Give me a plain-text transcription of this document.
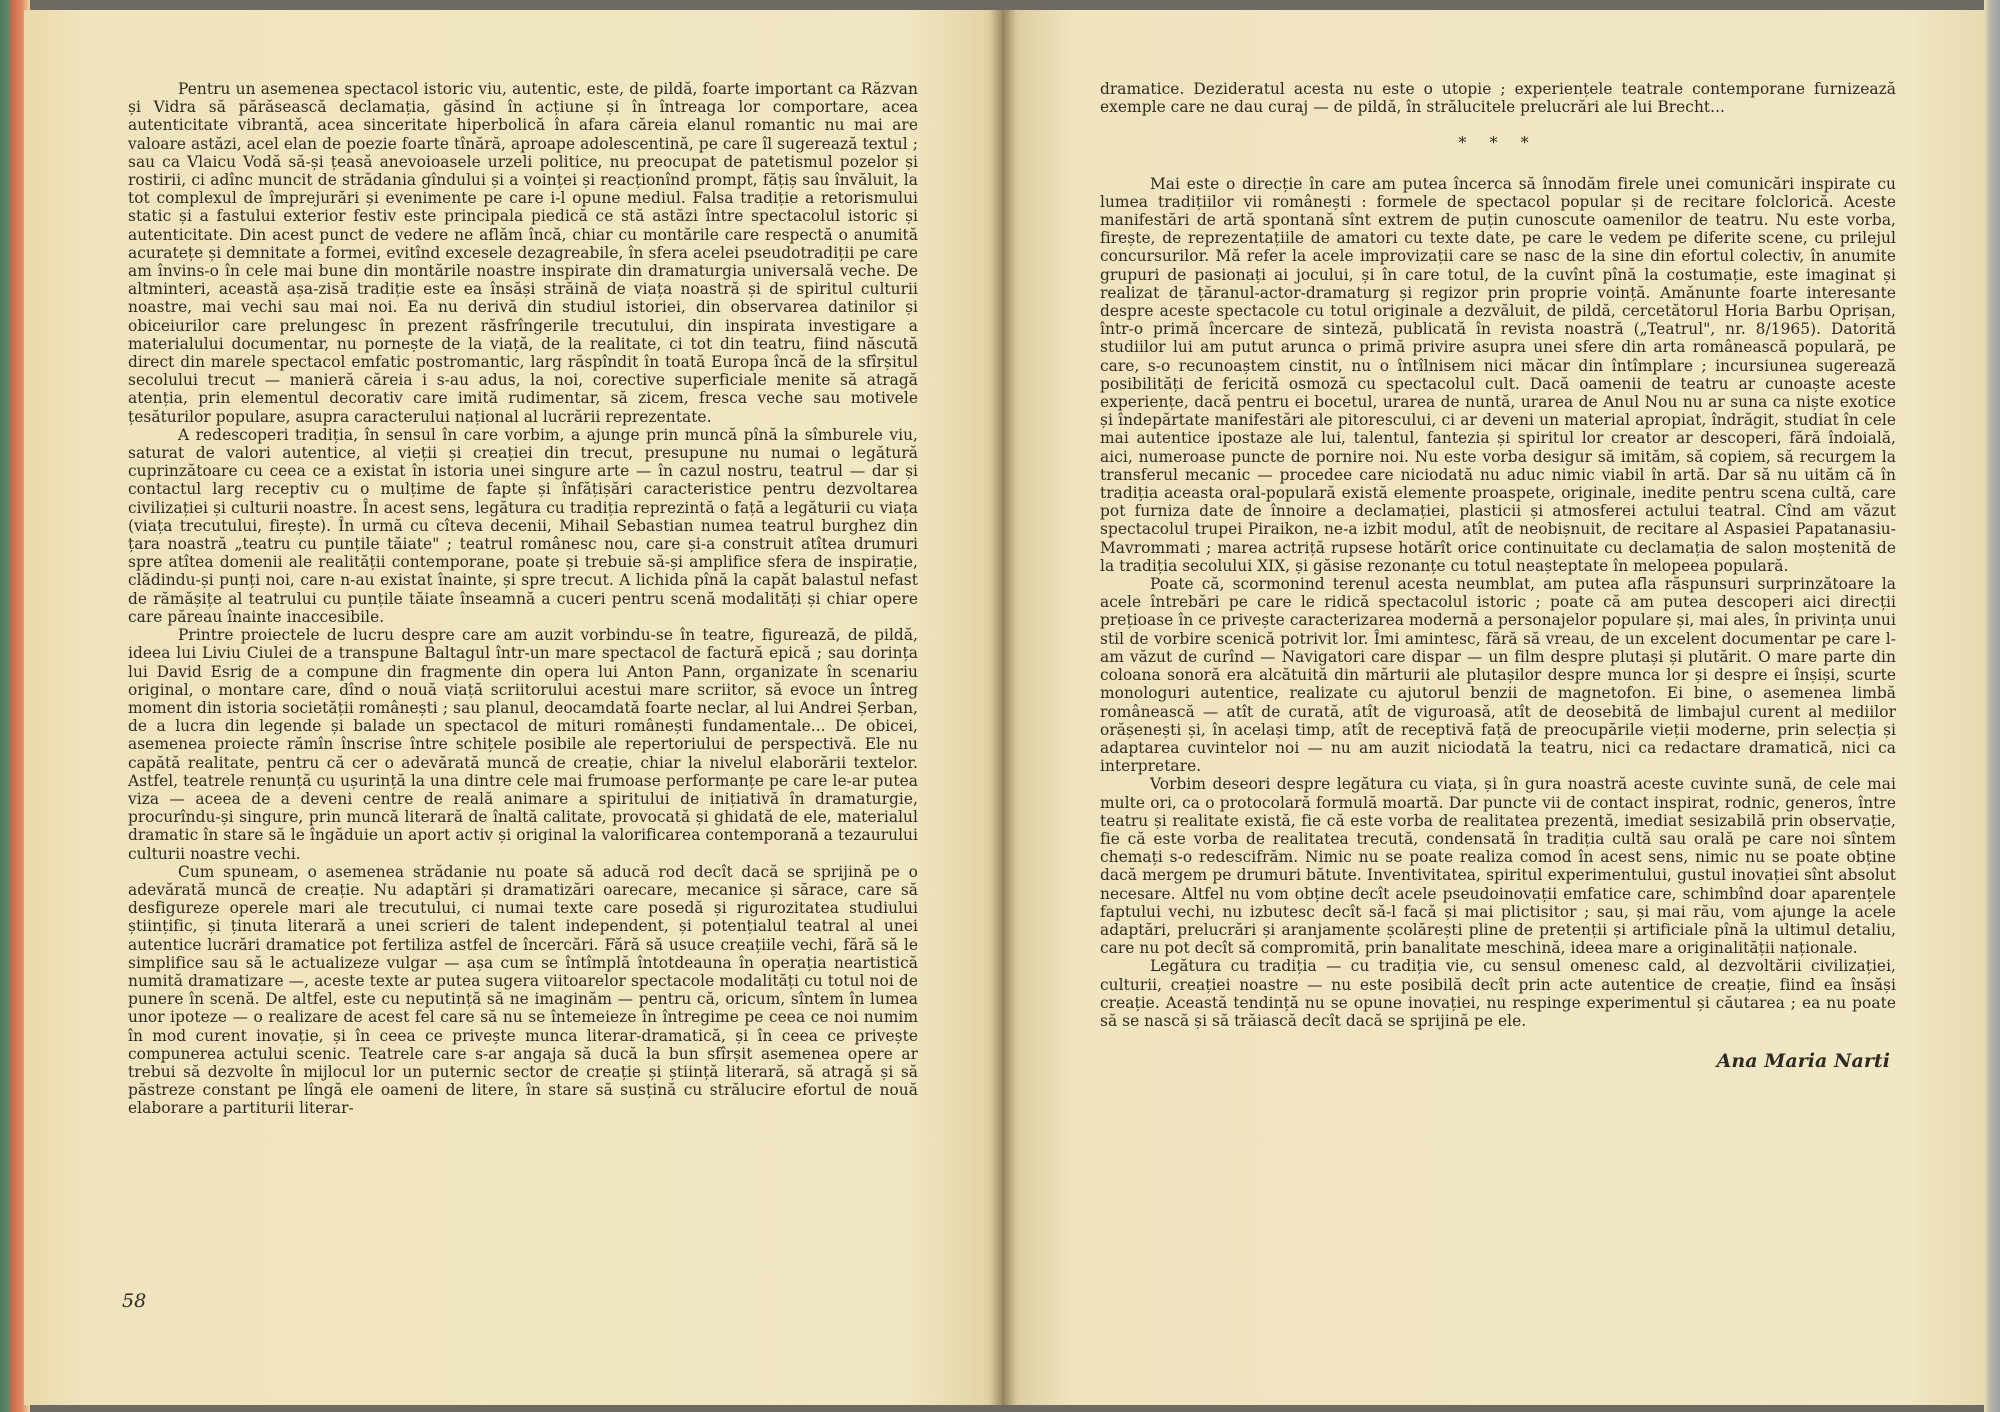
Pentru un asemenea spectacol istoric viu, autentic, este, de pildă, foarte important ca Răzvan și Vidra să părăsească declamația, găsind în acțiune și în întreaga lor comportare, acea autenticitate vibrantă, acea sinceritate hiperbolică în afara căreia elanul romantic nu mai are valoare astăzi, acel elan de poezie foarte tînără, aproape adolescentină, pe care îl sugerează textul ; sau ca Vlaicu Vodă să-și țeasă anevoioasele urzeli politice, nu preocupat de patetismul pozelor și rostirii, ci adînc muncit de strădania gîndului și a voinței și reacționînd prompt, fățiș sau învăluit, la tot complexul de împrejurări și evenimente pe care i-l opune mediul. Falsa tradiție a retorismului static și a fastului exterior festiv este principala piedică ce stă astăzi între spectacolul istoric și autenticitate. Din acest punct de vedere ne aflăm încă, chiar cu montările care respectă o anumită acuratețe și demnitate a formei, evitînd excesele dezagreabile, în sfera acelei pseudotradiții pe care am învins-o în cele mai bune din montările noastre inspirate din dramaturgia universală veche. De altminteri, această așa-zisă tradiție este ea însăși străină de viața noastră și de spiritul culturii noastre, mai vechi sau mai noi. Ea nu derivă din studiul istoriei, din observarea datinilor și obiceiurilor care prelungesc în prezent răsfrîngerile trecutului, din inspirata investigare a materialului documentar, nu pornește de la viață, de la realitate, ci tot din teatru, fiind născută direct din marele spectacol emfatic postromantic, larg răspîndit în toată Europa încă de la sfîrșitul secolului trecut — manieră căreia i s-au adus, la noi, corective superficiale menite să atragă atenția, prin elementul decorativ care imită rudimentar, să zicem, fresca veche sau motivele țesăturilor populare, asupra caracterului național al lucrării reprezentate.

A redescoperi tradiția, în sensul în care vorbim, a ajunge prin muncă pînă la sîmburele viu, saturat de valori autentice, al vieții și creației din trecut, presupune nu numai o legătură cuprinzătoare cu ceea ce a existat în istoria unei singure arte — în cazul nostru, teatrul — dar și contactul larg receptiv cu o mulțime de fapte și înfățișări caracteristice pentru dezvoltarea civilizației și culturii noastre. În acest sens, legătura cu tradiția reprezintă o față a legăturii cu viața (viața trecutului, firește). În urmă cu cîteva decenii, Mihail Sebastian numea teatrul burghez din țara noastră „teatru cu punțile tăiate" ; teatrul românesc nou, care și-a construit atîtea drumuri spre atîtea domenii ale realității contemporane, poate și trebuie să-și amplifice sfera de inspirație, clădindu-și punți noi, care n-au existat înainte, și spre trecut. A lichida pînă la capăt balastul nefast de rămășițe al teatrului cu punțile tăiate înseamnă a cuceri pentru scenă modalități și chiar opere care păreau înainte inaccesibile.

Printre proiectele de lucru despre care am auzit vorbindu-se în teatre, figurează, de pildă, ideea lui Liviu Ciulei de a transpune Baltagul într-un mare spectacol de factură epică ; sau dorința lui David Esrig de a compune din fragmente din opera lui Anton Pann, organizate în scenariu original, o montare care, dînd o nouă viață scriitorului acestui mare scriitor, să evoce un întreg moment din istoria societății românești ; sau planul, deocamdată foarte neclar, al lui Andrei Șerban, de a lucra din legende și balade un spectacol de mituri românești fundamentale... De obicei, asemenea proiecte rămîn înscrise între schițele posibile ale repertoriului de perspectivă. Ele nu capătă realitate, pentru că cer o adevărată muncă de creație, chiar la nivelul elaborării textelor. Astfel, teatrele renunță cu ușurință la una dintre cele mai frumoase performanțe pe care le-ar putea viza — aceea de a deveni centre de reală animare a spiritului de inițiativă în dramaturgie, procurîndu-și singure, prin muncă literară de înaltă calitate, provocată și ghidată de ele, materialul dramatic în stare să le îngăduie un aport activ și original la valorificarea contemporană a tezaurului culturii noastre vechi.

Cum spuneam, o asemenea strădanie nu poate să aducă rod decît dacă se sprijină pe o adevărată muncă de creație. Nu adaptări și dramatizări oarecare, mecanice și sărace, care să desfigureze operele mari ale trecutului, ci numai texte care posedă și rigurozitatea studiului științific, și ținuta literară a unei scrieri de talent independent, și potențialul teatral al unei autentice lucrări dramatice pot fertiliza astfel de încercări. Fără să usuce creațiile vechi, fără să le simplifice sau să le actualizeze vulgar — așa cum se întîmplă întotdeauna în operația neartistică numită dramatizare —, aceste texte ar putea sugera viitoarelor spectacole modalități cu totul noi de punere în scenă. De altfel, este cu neputință să ne imaginăm — pentru că, oricum, sîntem în lumea unor ipoteze — o realizare de acest fel care să nu se întemeieze în întregime pe ceea ce noi numim în mod curent inovație, și în ceea ce privește munca literar-dramatică, și în ceea ce privește compunerea actului scenic. Teatrele care s-ar angaja să ducă la bun sfîrșit asemenea opere ar trebui să dezvolte în mijlocul lor un puternic sector de creație și știință literară, să atragă și să păstreze constant pe lîngă ele oameni de litere, în stare să susțină cu strălucire efortul de nouă elaborare a partiturii literar-

58

dramatice. Dezideratul acesta nu este o utopie ; experiențele teatrale contemporane furnizează exemple care ne dau curaj — de pildă, în strălucitele prelucrări ale lui Brecht...

* * *

Mai este o direcție în care am putea încerca să înnodăm firele unei comunicări inspirate cu lumea tradițiilor vii românești : formele de spectacol popular și de recitare folclorică. Aceste manifestări de artă spontană sînt extrem de puțin cunoscute oamenilor de teatru. Nu este vorba, firește, de reprezentațiile de amatori cu texte date, pe care le vedem pe diferite scene, cu prilejul concursurilor. Mă refer la acele improvizații care se nasc de la sine din efortul colectiv, în anumite grupuri de pasionați ai jocului, și în care totul, de la cuvînt pînă la costumație, este imaginat și realizat de țăranul-actor-dramaturg și regizor prin proprie voință. Amănunte foarte interesante despre aceste spectacole cu totul originale a dezvăluit, de pildă, cercetătorul Horia Barbu Oprișan, într-o primă încercare de sinteză, publicată în revista noastră („Teatrul", nr. 8/1965). Datorită studiilor lui am putut arunca o primă privire asupra unei sfere din arta românească populară, pe care, s-o recunoaștem cinstit, nu o întîlnisem nici măcar din întîmplare ; incursiunea sugerează posibilități de fericită osmoză cu spectacolul cult. Dacă oamenii de teatru ar cunoaște aceste experiențe, dacă pentru ei bocetul, urarea de nuntă, urarea de Anul Nou nu ar suna ca niște exotice și îndepărtate manifestări ale pitorescului, ci ar deveni un material apropiat, îndrăgit, studiat în cele mai autentice ipostaze ale lui, talentul, fantezia și spiritul lor creator ar descoperi, fără îndoială, aici, numeroase puncte de pornire noi. Nu este vorba desigur să imităm, să copiem, să recurgem la transferul mecanic — procedee care niciodată nu aduc nimic viabil în artă. Dar să nu uităm că în tradiția aceasta oral-populară există elemente proaspete, originale, inedite pentru scena cultă, care pot furniza date de înnoire a declamației, plasticii și atmosferei actului teatral. Cînd am văzut spectacolul trupei Piraikon, ne-a izbit modul, atît de neobișnuit, de recitare al Aspasiei Papatanasiu-Mavrommati ; marea actriță rupsese hotărît orice continuitate cu declamația de salon moștenită de la tradiția secolului XIX, și găsise rezonanțe cu totul neașteptate în melopeea populară.

Poate că, scormonind terenul acesta neumblat, am putea afla răspunsuri surprinzătoare la acele întrebări pe care le ridică spectacolul istoric ; poate că am putea descoperi aici direcții prețioase în ce privește caracterizarea modernă a personajelor populare și, mai ales, în privința unui stil de vorbire scenică potrivit lor. Îmi amintesc, fără să vreau, de un excelent documentar pe care l-am văzut de curînd — Navigatori care dispar — un film despre plutași și plutărit. O mare parte din coloana sonoră era alcătuită din mărturii ale plutașilor despre munca lor și despre ei înșiși, scurte monologuri autentice, realizate cu ajutorul benzii de magnetofon. Ei bine, o asemenea limbă românească — atît de curată, atît de viguroasă, atît de deosebită de limbajul curent al mediilor orășenești și, în același timp, atît de receptivă față de preocupările vieții moderne, prin selecția și adaptarea cuvintelor noi — nu am auzit niciodată la teatru, nici ca redactare dramatică, nici ca interpretare.

Vorbim deseori despre legătura cu viața, și în gura noastră aceste cuvinte sună, de cele mai multe ori, ca o protocolară formulă moartă. Dar puncte vii de contact inspirat, rodnic, generos, între teatru și realitate există, fie că este vorba de realitatea prezentă, imediat sesizabilă prin observație, fie că este vorba de realitatea trecută, condensată în tradiția cultă sau orală pe care noi sîntem chemați s-o redescifrăm. Nimic nu se poate realiza comod în acest sens, nimic nu se poate obține dacă mergem pe drumuri bătute. Inventivitatea, spiritul experimentului, gustul inovației sînt absolut necesare. Altfel nu vom obține decît acele pseudoinovații emfatice care, schimbînd doar aparențele faptului vechi, nu izbutesc decît să-l facă și mai plictisitor ; sau, și mai rău, vom ajunge la acele adaptări, prelucrări și aranjamente școlărești pline de pretenții și artificiale pînă la ultimul detaliu, care nu pot decît să compromită, prin banalitate meschină, ideea mare a originalității naționale.

Legătura cu tradiția — cu tradiția vie, cu sensul omenesc cald, al dezvoltării civilizației, culturii, creației noastre — nu este posibilă decît prin acte autentice de creație, fiind ea însăși creație. Această tendință nu se opune inovației, nu respinge experimentul și căutarea ; ea nu poate să se nască și să trăiască decît dacă se sprijină pe ele.

Ana Maria Narti
